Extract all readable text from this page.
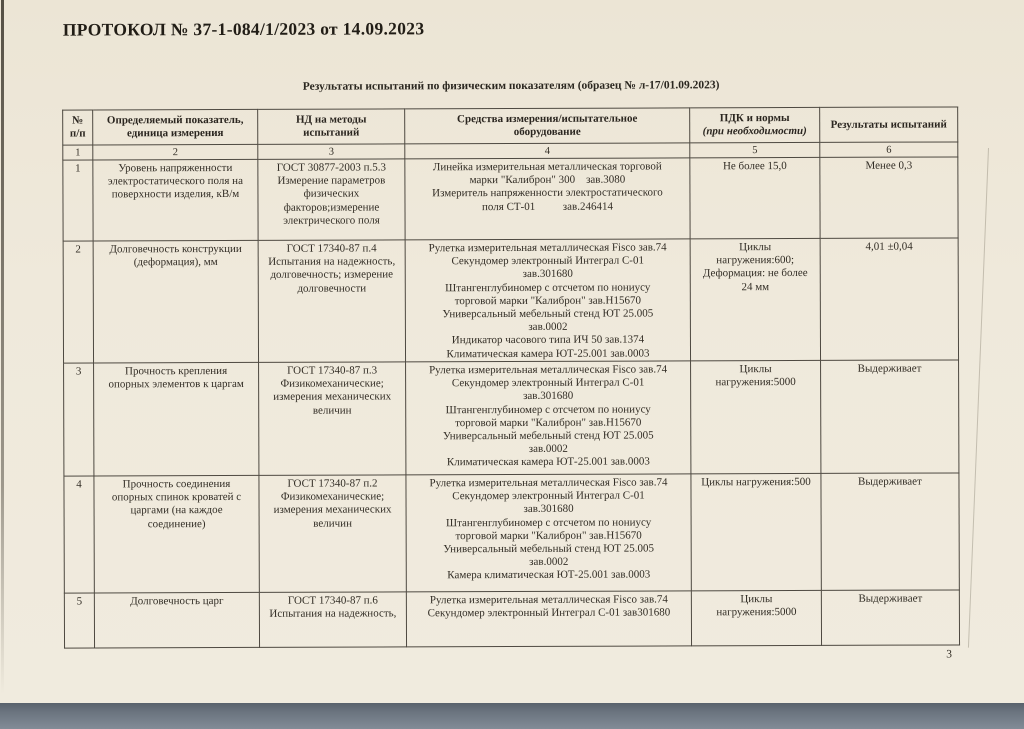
ПРОТОКОЛ № 37-1-084/1/2023 от 14.09.2023
Результаты испытаний по физическим показателям (образец № л-17/01.09.2023)
№
п/п	Определяемый показатель,
единица измерения	НД на методы
испытаний	Средства измерения/испытательное
оборудование	ПДК и нормы
(при необходимости)	Результаты испытаний
1	2	3	4	5	6
1	Уровень напряженности
электростатического поля на
поверхности изделия, кВ/м	ГОСТ 30877-2003 п.5.3
Измерение параметров
физических
факторов;измерение
электрического поля	Линейка измерительная металлическая торговой
марки "Калиброн" 300    зав.3080
Измеритель напряженности электростатического
поля СТ-01          зав.246414	Не более 15,0	Менее 0,3
2	Долговечность конструкции
(деформация), мм	ГОСТ 17340-87 п.4
Испытания на надежность,
долговечность; измерение
долговечности	Рулетка измерительная металлическая Fisco зав.74
Секундомер электронный Интеграл С-01
зав.301680
Штангенглубиномер с отсчетом по нониусу
торговой марки "Калиброн" зав.Н15670
Универсальный мебельный стенд ЮТ 25.005
зав.0002
Индикатор часового типа ИЧ 50 зав.1374
Климатическая камера ЮТ-25.001 зав.0003	Циклы
нагружения:600;
Деформация: не более
24 мм	4,01 ±0,04
3	Прочность крепления
опорных элементов к царгам	ГОСТ 17340-87 п.3
Физикомеханические;
измерения механических
величин	Рулетка измерительная металлическая Fisco зав.74
Секундомер электронный Интеграл С-01
зав.301680
Штангенглубиномер с отсчетом по нониусу
торговой марки "Калиброн" зав.Н15670
Универсальный мебельный стенд ЮТ 25.005
зав.0002
Климатическая камера ЮТ-25.001 зав.0003	Циклы
нагружения:5000	Выдерживает
4	Прочность соединения
опорных спинок кроватей с
царгами (на каждое
соединение)	ГОСТ 17340-87 п.2
Физикомеханические;
измерения механических
величин	Рулетка измерительная металлическая Fisco зав.74
Секундомер электронный Интеграл С-01
зав.301680
Штангенглубиномер с отсчетом по нониусу
торговой марки "Калиброн" зав.Н15670
Универсальный мебельный стенд ЮТ 25.005
зав.0002
Камера климатическая ЮТ-25.001 зав.0003	Циклы нагружения:500	Выдерживает
5	Долговечность царг	ГОСТ 17340-87 п.6
Испытания на надежность,	Рулетка измерительная металлическая Fisco зав.74
Секундомер электронный Интеграл С-01 зав301680	Циклы
нагружения:5000	Выдерживает
3
